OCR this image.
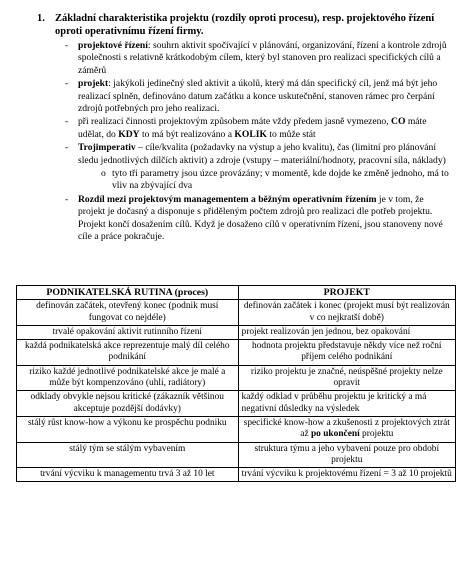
1. Základní charakteristika projektu (rozdíly oproti procesu), resp. projektového řízení oproti operativnímu řízení firmy.
- projektové řízení: souhrn aktivit spočívající v plánování, organizování, řízení a kontrole zdrojů společnosti s relativně krátkodobým cílem, který byl stanoven pro realizaci specifických cílů a záměrů
- projekt: jakýkoli jedinečný sled aktivit a úkolů, který má dán specifický cíl, jenž má být jeho realizací splněn, definováno datum začátku a konce uskutečnění, stanoven rámec pro čerpání zdrojů potřebných pro jeho realizaci.
- při realizaci činnosti projektovým způsobem máte vždy předem jasně vymezeno, CO máte udělat, do KDY to má být realizováno a KOLIK to může stát
- Trojimperativ – cíle/kvalita (požadavky na výstup a jeho kvalitu), čas (limitní pro plánování sledu jednotlivých dílčích aktivit) a zdroje (vstupy – materiální/hodnoty, pracovní síla, náklady)
o tyto tři parametry jsou úzce provázány; v momentě, kde dojde ke změně jednoho, má to vliv na zbývající dva
- Rozdíl mezi projektovým managementem a běžným operativním řízením je v tom, že projekt je dočasný a disponuje s přiděleným počtem zdrojů pro realizaci dle potřeb projektu. Projekt končí dosažením cílů. Když je dosaženo cílů v operativním řízení, jsou stanoveny nové cíle a práce pokračuje.
PODNIKATELSKÁ RUTINA (proces)	PROJEKT
definován začátek, otevřený konec (podnik musí fungovat co nejdéle)	definován začátek i konec (projekt musí být realizován v co nejkratší době)
trvalé opakování aktivit rutinního řízení	projekt realizován jen jednou, bez opakování
každá podnikatelská akce reprezentuje malý díl celého podnikání	hodnota projektu představuje někdy více než roční příjem celého podnikání
riziko každé jednotlivé podnikatelské akce je malé a může být kompenzováno (uhlí, radiátory)	riziko projektu je značné, neúspěšné projekty nelze opravit
odklady obvykle nejsou kritické (zákazník většinou akceptuje pozdější dodávky)	každý odklad v průběhu projektu je kritický a má negativní důsledky na výsledek
stálý růst know-how a výkonu ke prospěchu podniku	specifické know-how a zkušenosti z projektových ztrát až po ukončení projektu
stálý tým se stálým vybavením	struktura týmu a jeho vybavení pouze pro období projektu
trvání výcviku k managementu trvá 3 až 10 let	trvání výcviku k projektovému řízení = 3 až 10 projektů
